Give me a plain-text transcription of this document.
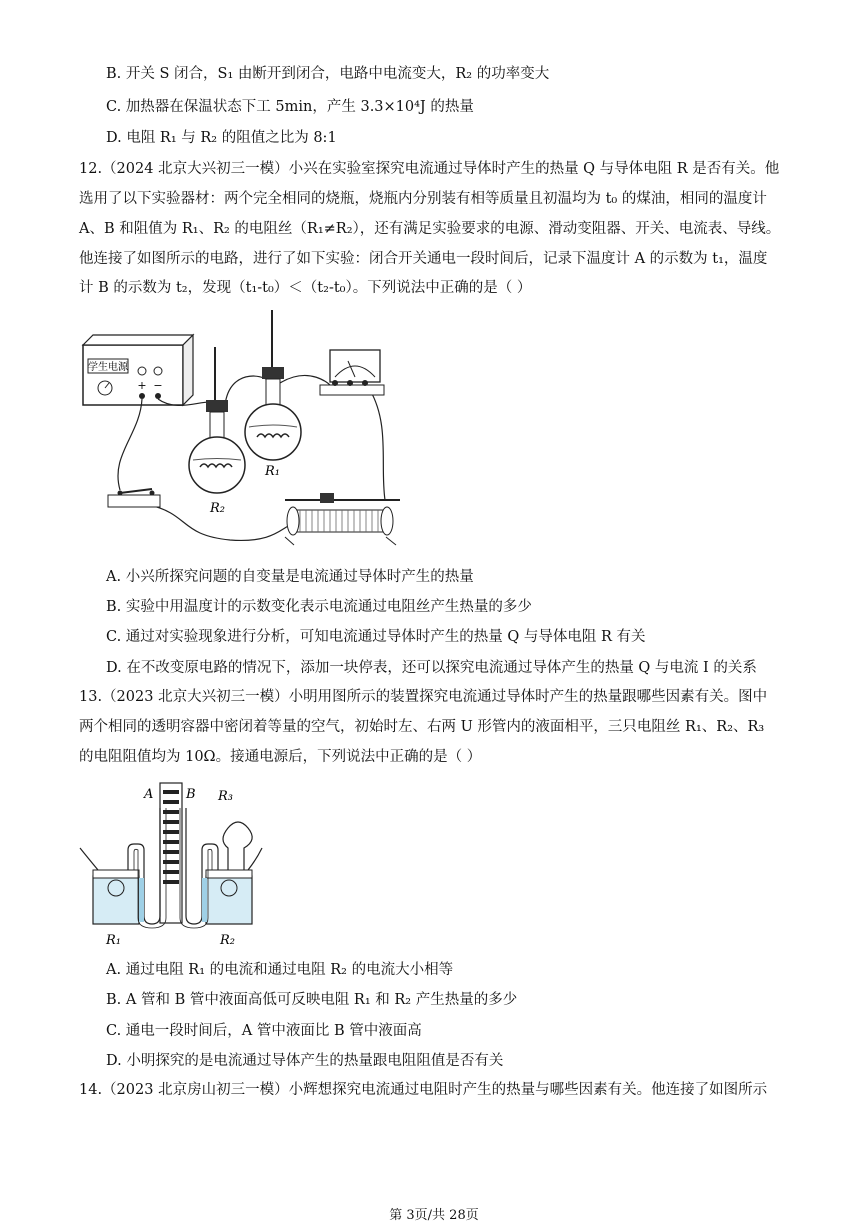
B. 开关 S 闭合，S₁ 由断开到闭合，电路中电流变大，R₂ 的功率变大
C. 加热器在保温状态下工 5min，产生 3.3×10⁴J 的热量
D. 电阻 R₁ 与 R₂ 的阻值之比为 8:1
12.（2024 北京大兴初三一模）小兴在实验室探究电流通过导体时产生的热量 Q 与导体电阻 R 是否有关。他
选用了以下实验器材：两个完全相同的烧瓶，烧瓶内分别装有相等质量且初温均为 t₀ 的煤油，相同的温度计
A、B 和阻值为 R₁、R₂ 的电阻丝（R₁≠R₂），还有满足实验要求的电源、滑动变阻器、开关、电流表、导线。
他连接了如图所示的电路，进行了如下实验：闭合开关通电一段时间后，记录下温度计 A 的示数为 t₁，温度
计 B 的示数为 t₂，发现（t₁-t₀）＜（t₂-t₀）。下列说法中正确的是（ ）
学生电源
+ −
R₂
R₁
A. 小兴所探究问题的自变量是电流通过导体时产生的热量
B. 实验中用温度计的示数变化表示电流通过电阻丝产生热量的多少
C. 通过对实验现象进行分析，可知电流通过导体时产生的热量 Q 与导体电阻 R 有关
D. 在不改变原电路的情况下，添加一块停表，还可以探究电流通过导体产生的热量 Q 与电流 I 的关系
13.（2023 北京大兴初三一模）小明用图所示的装置探究电流通过导体时产生的热量跟哪些因素有关。图中
两个相同的透明容器中密闭着等量的空气，初始时左、右两 U 形管内的液面相平，三只电阻丝 R₁、R₂、R₃
的电阻阻值均为 10Ω。接通电源后，下列说法中正确的是（ ）
A	B R₃
R₁	R₂
A. 通过电阻 R₁ 的电流和通过电阻 R₂ 的电流大小相等
B. A 管和 B 管中液面高低可反映电阻 R₁ 和 R₂ 产生热量的多少
C. 通电一段时间后，A 管中液面比 B 管中液面高
D. 小明探究的是电流通过导体产生的热量跟电阻阻值是否有关
14.（2023 北京房山初三一模）小辉想探究电流通过电阻时产生的热量与哪些因素有关。他连接了如图所示
第 3页/共 28页
